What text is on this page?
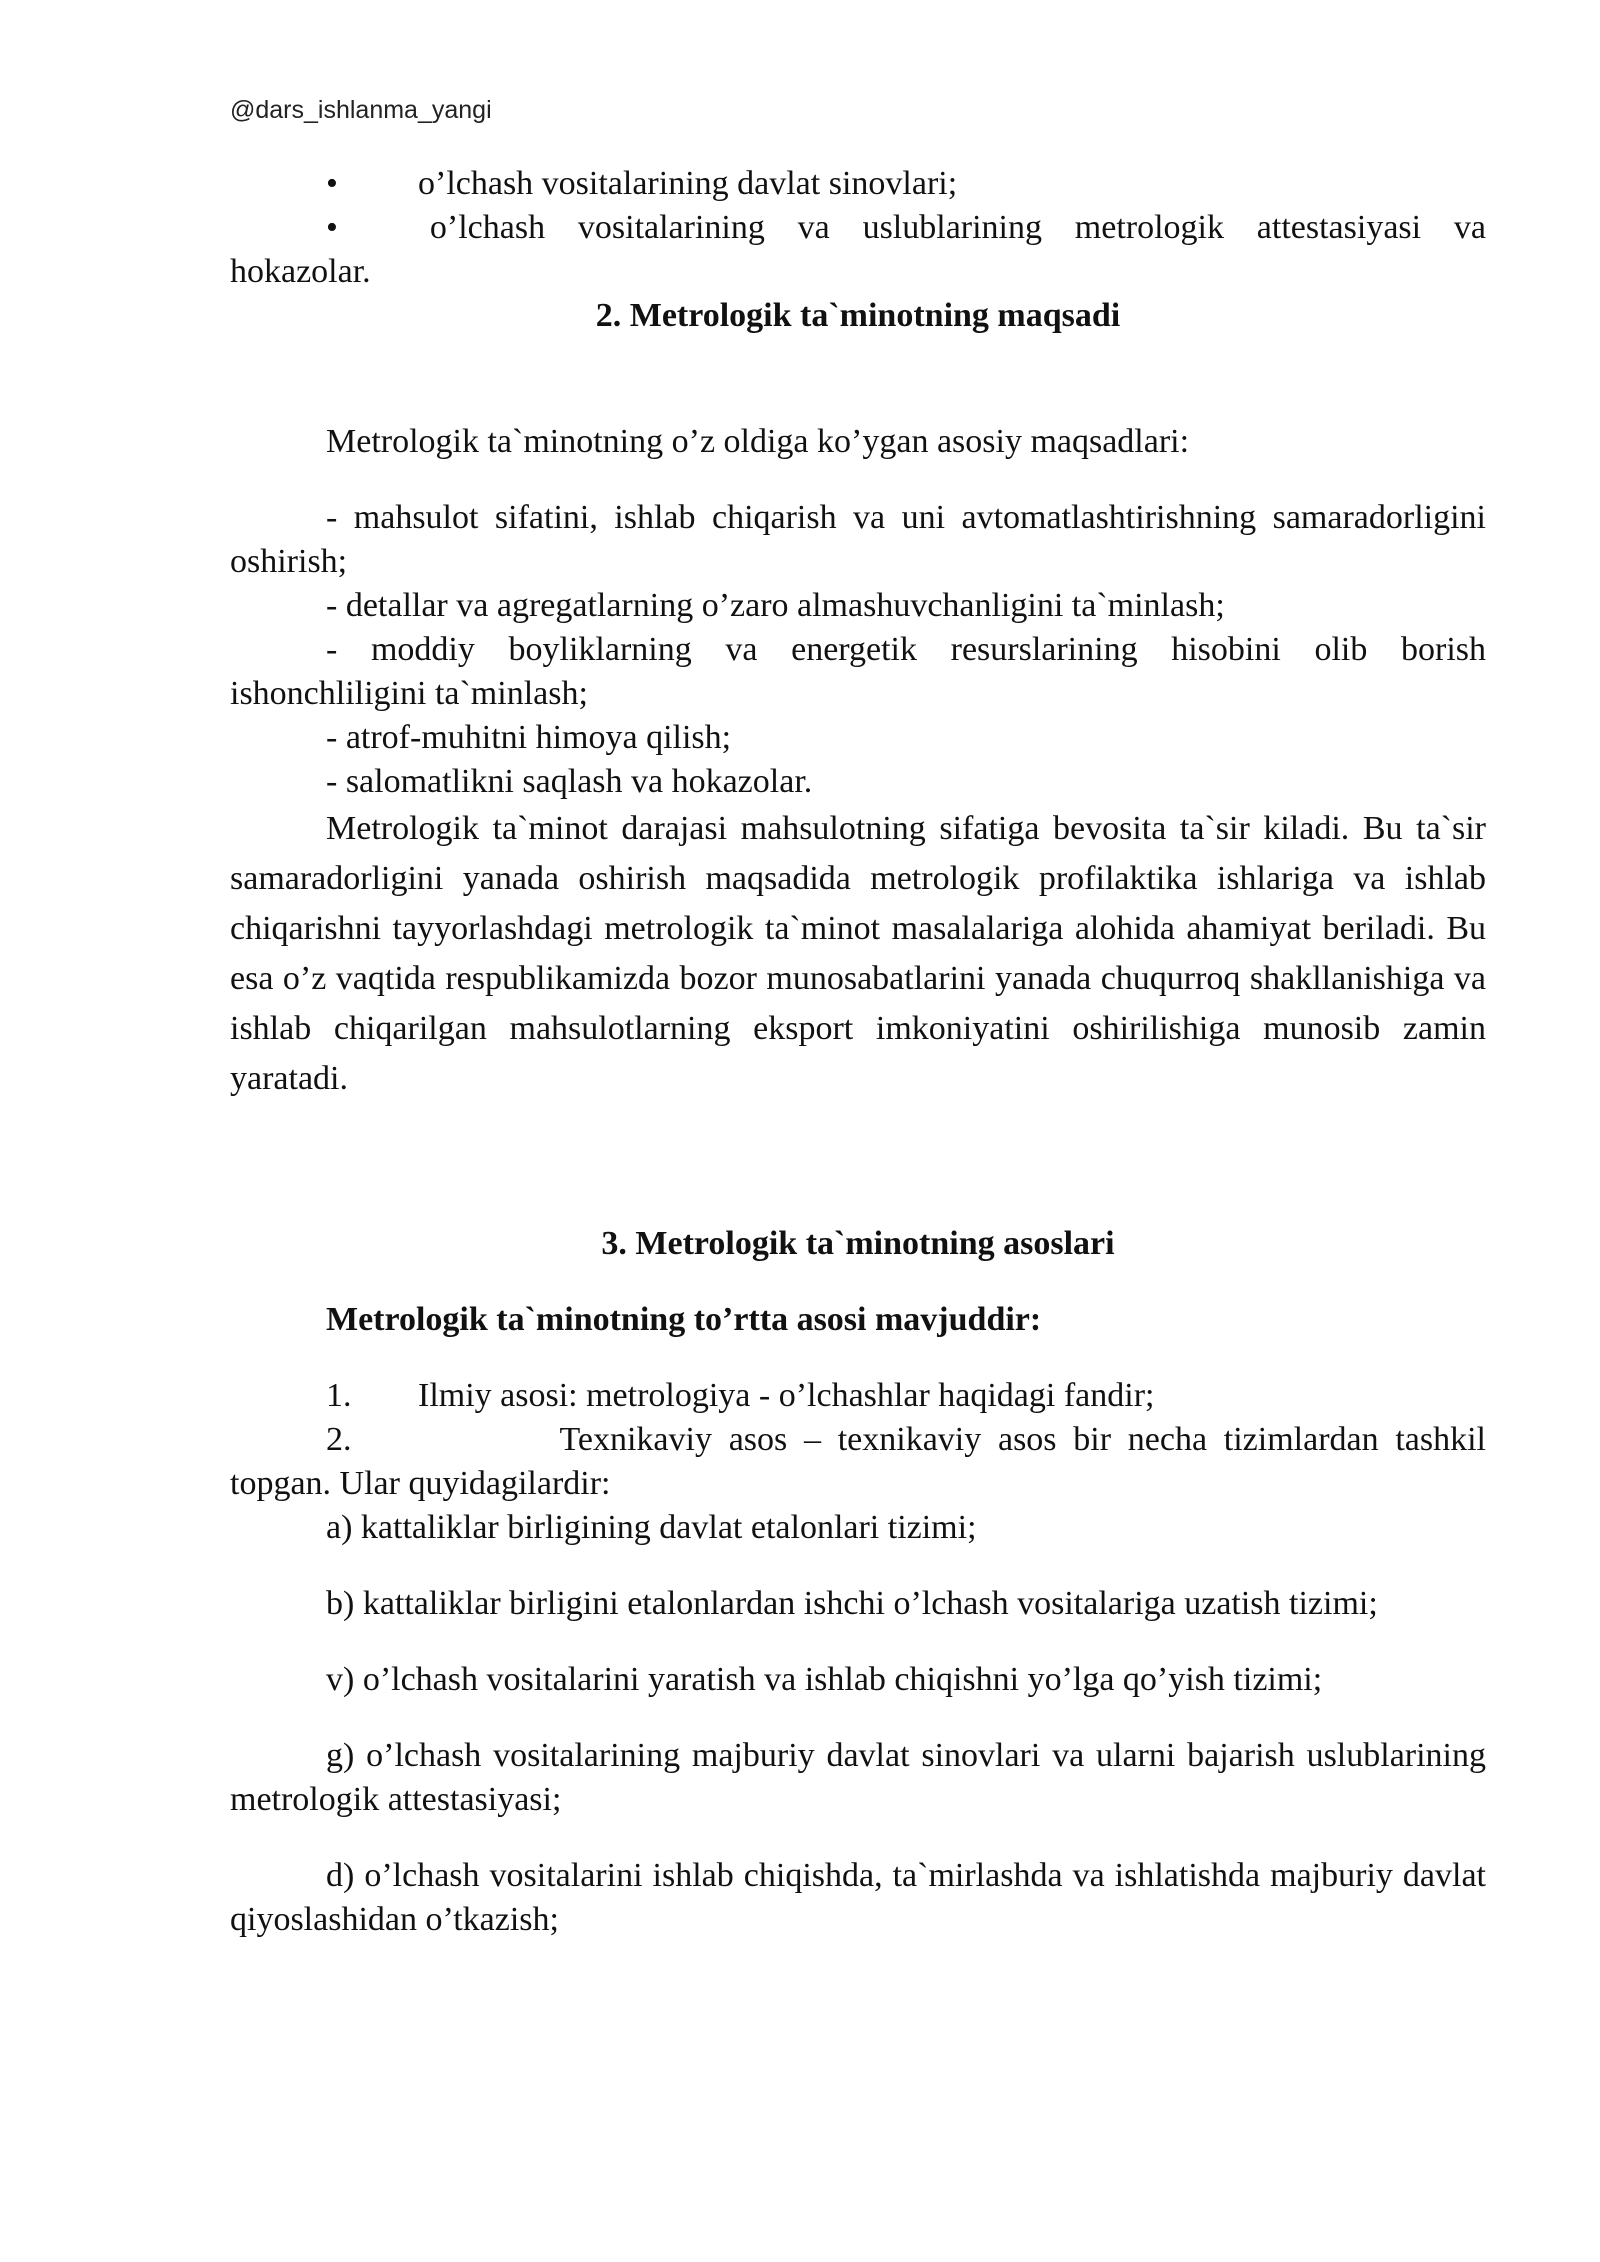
@dars_ishlanma_yangi

• o’lchash vositalarining davlat sinovlari;

•	o’lchash vositalarining va uslublarining metrologik attestasiyasi va hokazolar.

2. Metrologik ta`minotning maqsadi

Metrologik ta`minotning o’z oldiga ko’ygan asosiy maqsadlari:

- mahsulot sifatini, ishlab chiqarish va uni avtomatlashtirishning samaradorligini oshirish;

- detallar va agregatlarning o’zaro almashuvchanligini ta`minlash;

- moddiy boyliklarning va energetik resurslarining hisobini olib borish ishonchliligini ta`minlash;

- atrof-muhitni himoya qilish;

- salomatlikni saqlash va hokazolar.

Metrologik ta`minot darajasi mahsulotning sifatiga bevosita ta`sir kiladi. Bu ta`sir samaradorligini yanada oshirish maqsadida metrologik profilaktika ishlariga va ishlab chiqarishni tayyorlashdagi metrologik ta`minot masalalariga alohida ahamiyat beriladi. Bu esa o’z vaqtida respublikamizda bozor munosabatlarini yanada chuqurroq shakllanishiga va ishlab chiqarilgan mahsulotlarning eksport imkoniyatini oshirilishiga munosib zamin yaratadi.

3. Metrologik ta`minotning asoslari

Metrologik ta`minotning to’rtta asosi mavjuddir:

1. Ilmiy asosi: metrologiya - o’lchashlar haqidagi fandir;

2.	Texnikaviy asos – texnikaviy asos bir necha tizimlardan tashkil topgan. Ular quyidagilardir:

a) kattaliklar birligining davlat etalonlari tizimi;

b) kattaliklar birligini etalonlardan ishchi o’lchash vositalariga uzatish tizimi;

v) o’lchash vositalarini yaratish va ishlab chiqishni yo’lga qo’yish tizimi;

g) o’lchash vositalarining majburiy davlat sinovlari va ularni bajarish uslublarining metrologik attestasiyasi;

d) o’lchash vositalarini ishlab chiqishda, ta`mirlashda va ishlatishda majburiy davlat qiyoslashidan o’tkazish;
